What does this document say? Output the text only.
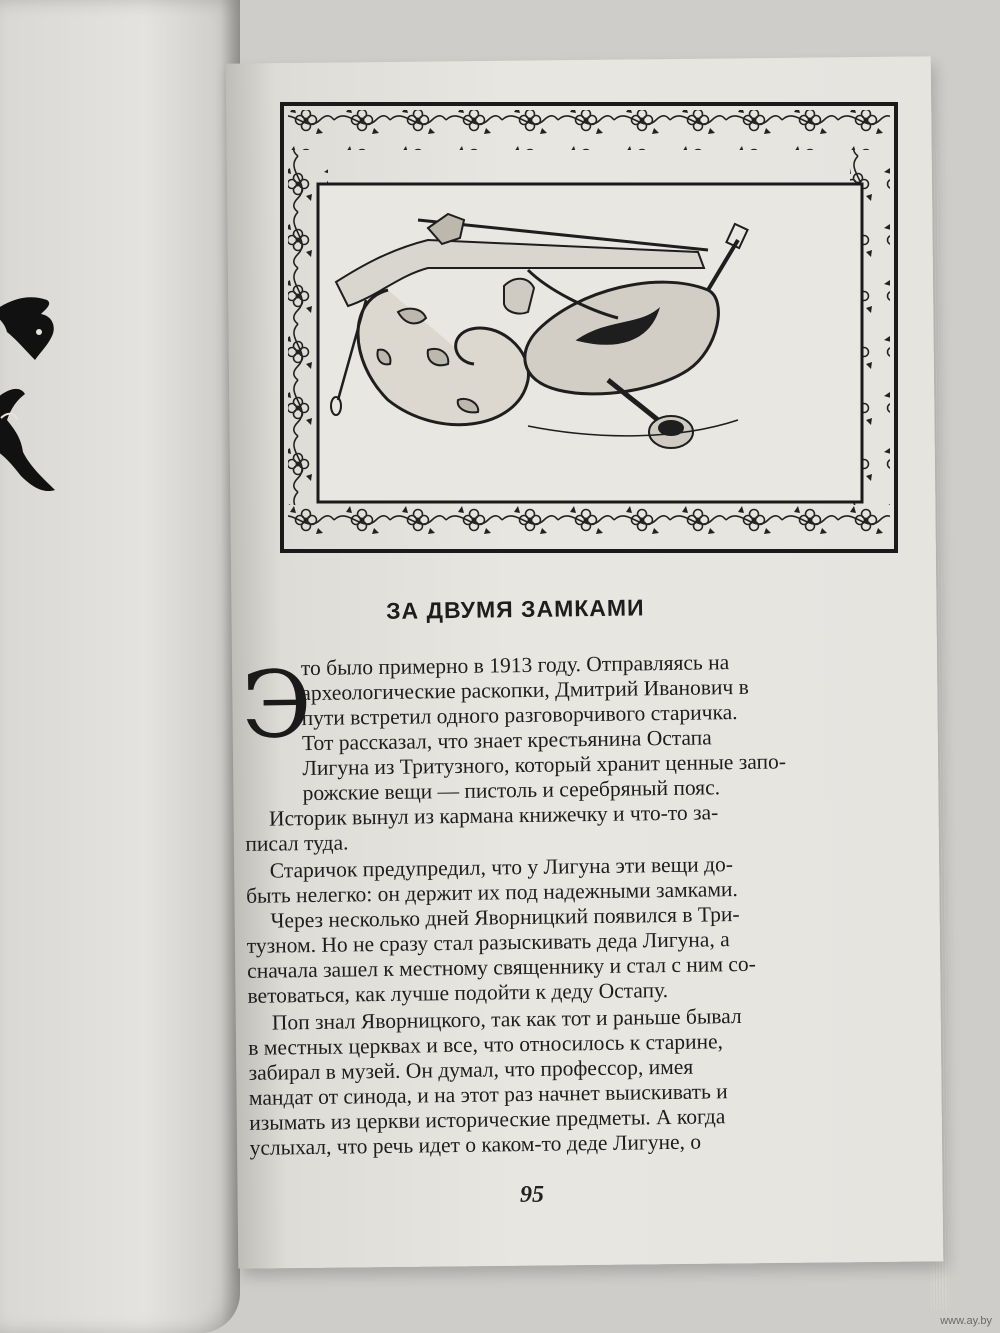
ЗА ДВУМЯ ЗАМКАМИ
Э
то было примерно в 1913 году. Отправляясь на
археологические раскопки, Дмитрий Иванович в
пути встретил одного разговорчивого старичка.
Тот рассказал, что знает крестьянина Остапа
Лигуна из Тритузного, который хранит ценные запо-
рожские вещи — пистоль и серебряный пояс.
Историк вынул из кармана книжечку и что-то за-
писал туда.
Старичок предупредил, что у Лигуна эти вещи до-
быть нелегко: он держит их под надежными замками.
Через несколько дней Яворницкий появился в Три-
тузном. Но не сразу стал разыскивать деда Лигуна, а
сначала зашел к местному священнику и стал с ним со-
ветоваться, как лучше подойти к деду Остапу.
Поп знал Яворницкого, так как тот и раньше бывал
в местных церквах и все, что относилось к старине,
забирал в музей. Он думал, что профессор, имея
мандат от синода, и на этот раз начнет выискивать и
изымать из церкви исторические предметы. А когда
услыхал, что речь идет о каком-то деде Лигуне, о
95
www.ay.by
